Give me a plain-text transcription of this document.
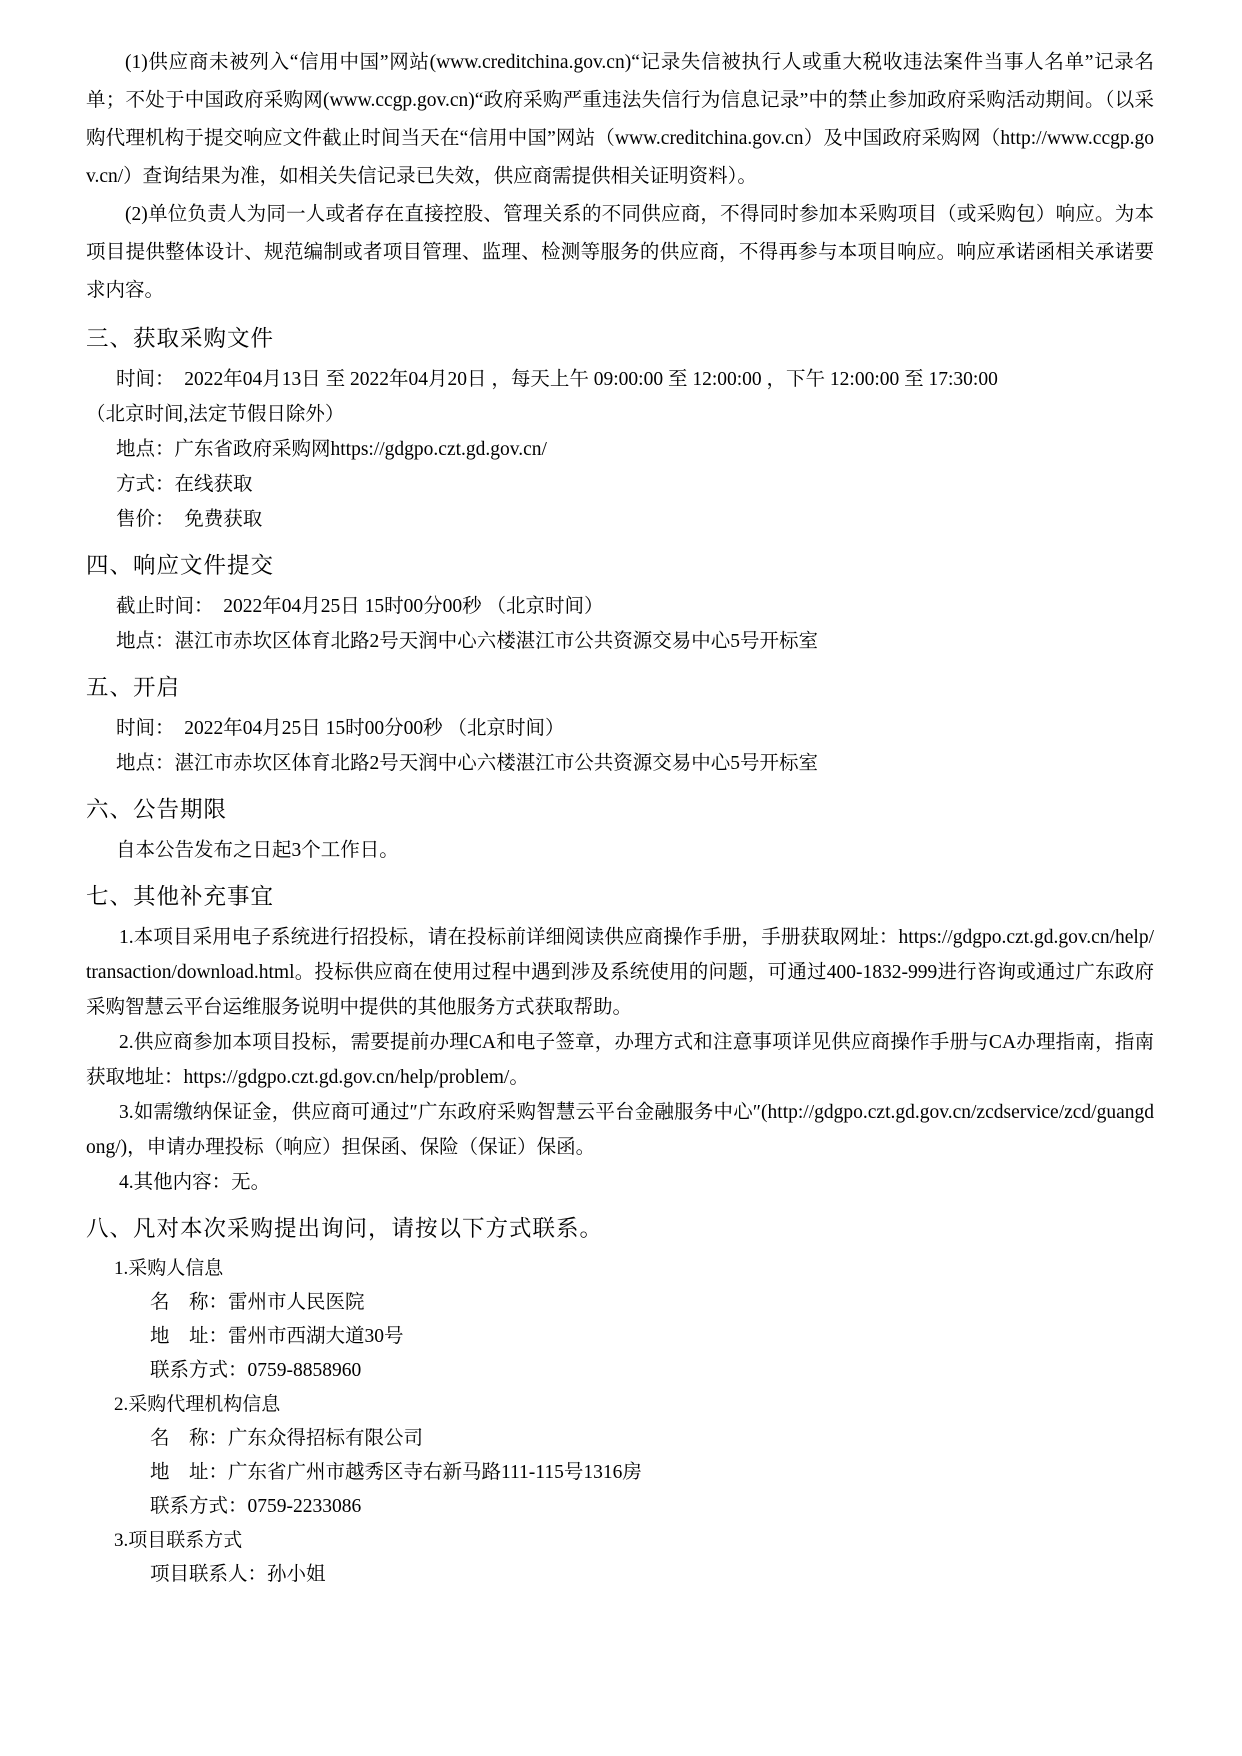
(1)供应商未被列入“信用中国”网站(www.creditchina.gov.cn)“记录失信被执行人或重大税收违法案件当事人名单”记录名单；不处于中国政府采购网(www.ccgp.gov.cn)“政府采购严重违法失信行为信息记录”中的禁止参加政府采购活动期间。（以采购代理机构于提交响应文件截止时间当天在“信用中国”网站（www.creditchina.gov.cn）及中国政府采购网（http://www.ccgp.gov.cn/）查询结果为准，如相关失信记录已失效，供应商需提供相关证明资料）。

(2)单位负责人为同一人或者存在直接控股、管理关系的不同供应商，不得同时参加本采购项目（或采购包）响应。为本项目提供整体设计、规范编制或者项目管理、监理、检测等服务的供应商，不得再参与本项目响应。响应承诺函相关承诺要求内容。

三、获取采购文件

时间：　2022年04月13日 至 2022年04月20日 ，每天上午 09:00:00 至 12:00:00 ，下午 12:00:00 至 17:30:00

（北京时间,法定节假日除外）

地点：广东省政府采购网https://gdgpo.czt.gd.gov.cn/

方式：在线获取

售价：　免费获取

四、响应文件提交

截止时间：　2022年04月25日 15时00分00秒 （北京时间）

地点：湛江市赤坎区体育北路2号天润中心六楼湛江市公共资源交易中心5号开标室

五、开启

时间：　2022年04月25日 15时00分00秒 （北京时间）

地点：湛江市赤坎区体育北路2号天润中心六楼湛江市公共资源交易中心5号开标室

六、公告期限

自本公告发布之日起3个工作日。

七、其他补充事宜

1.本项目采用电子系统进行招投标，请在投标前详细阅读供应商操作手册，手册获取网址：https://gdgpo.czt.gd.gov.cn/help/transaction/download.html。投标供应商在使用过程中遇到涉及系统使用的问题，可通过400-1832-999进行咨询或通过广东政府采购智慧云平台运维服务说明中提供的其他服务方式获取帮助。

2.供应商参加本项目投标，需要提前办理CA和电子签章，办理方式和注意事项详见供应商操作手册与CA办理指南，指南获取地址：https://gdgpo.czt.gd.gov.cn/help/problem/。

3.如需缴纳保证金，供应商可通过″广东政府采购智慧云平台金融服务中心″(http://gdgpo.czt.gd.gov.cn/zcdservice/zcd/guangdong/)，申请办理投标（响应）担保函、保险（保证）保函。

4.其他内容：无。

八、凡对本次采购提出询问，请按以下方式联系。

1.采购人信息

名　称：雷州市人民医院

地　址：雷州市西湖大道30号

联系方式：0759-8858960

2.采购代理机构信息

名　称：广东众得招标有限公司

地　址：广东省广州市越秀区寺右新马路111-115号1316房

联系方式：0759-2233086

3.项目联系方式

项目联系人：孙小姐
